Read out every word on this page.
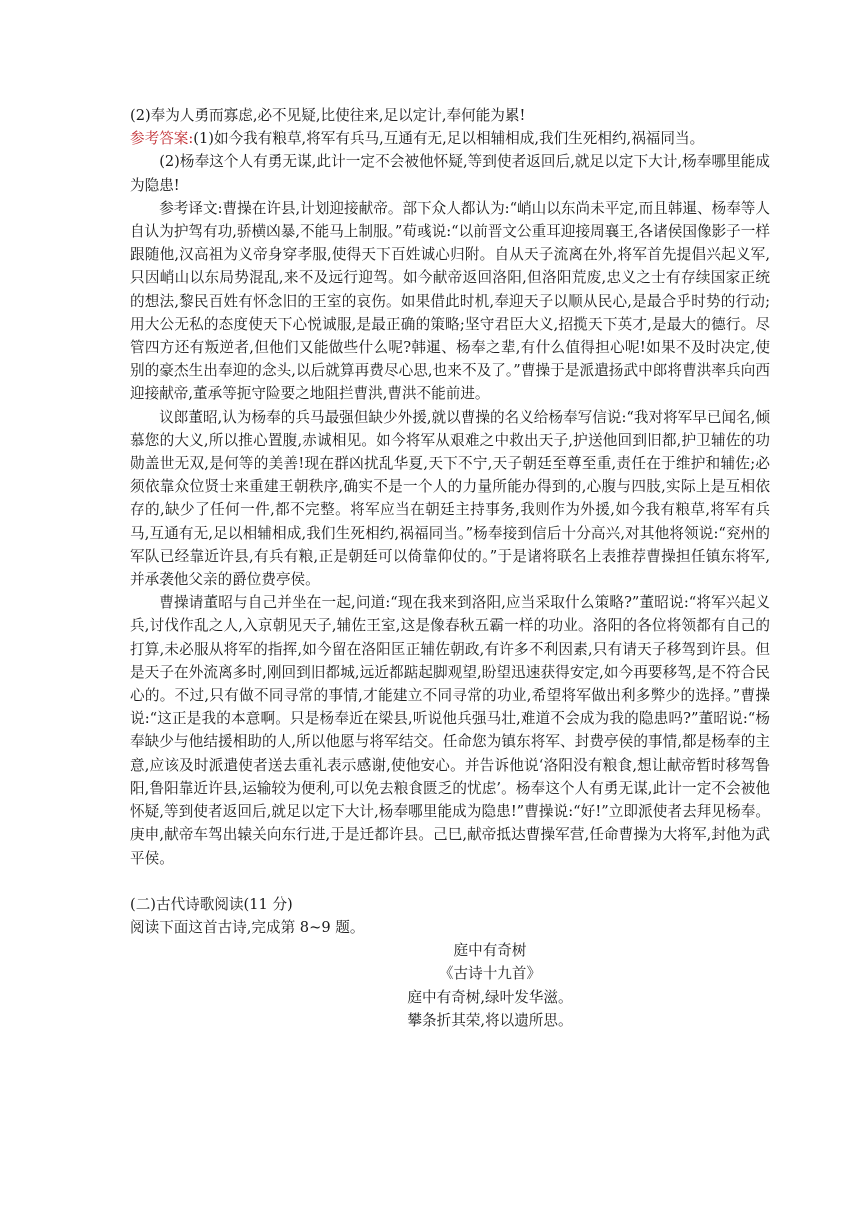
(2)奉为人勇而寡虑,必不见疑,比使往来,足以定计,奉何能为累!

参考答案:(1)如今我有粮草,将军有兵马,互通有无,足以相辅相成,我们生死相约,祸福同当。

(2)杨奉这个人有勇无谋,此计一定不会被他怀疑,等到使者返回后,就足以定下大计,杨奉哪里能成为隐患!

参考译文:曹操在许县,计划迎接献帝。部下众人都认为:“峭山以东尚未平定,而且韩暹、杨奉等人自认为护驾有功,骄横凶暴,不能马上制服。”荀彧说:“以前晋文公重耳迎接周襄王,各诸侯国像影子一样跟随他,汉高祖为义帝身穿孝服,使得天下百姓诚心归附。自从天子流离在外,将军首先提倡兴起义军,只因峭山以东局势混乱,来不及远行迎驾。如今献帝返回洛阳,但洛阳荒废,忠义之士有存续国家正统的想法,黎民百姓有怀念旧的王室的哀伤。如果借此时机,奉迎天子以顺从民心,是最合乎时势的行动;用大公无私的态度使天下心悦诚服,是最正确的策略;坚守君臣大义,招揽天下英才,是最大的德行。尽管四方还有叛逆者,但他们又能做些什么呢?韩暹、杨奉之辈,有什么值得担心呢!如果不及时决定,使别的豪杰生出奉迎的念头,以后就算再费尽心思,也来不及了。”曹操于是派遣扬武中郎将曹洪率兵向西迎接献帝,董承等扼守险要之地阻拦曹洪,曹洪不能前进。

议郎董昭,认为杨奉的兵马最强但缺少外援,就以曹操的名义给杨奉写信说:“我对将军早已闻名,倾慕您的大义,所以推心置腹,赤诚相见。如今将军从艰难之中救出天子,护送他回到旧都,护卫辅佐的功勋盖世无双,是何等的美善!现在群凶扰乱华夏,天下不宁,天子朝廷至尊至重,责任在于维护和辅佐;必须依靠众位贤士来重建王朝秩序,确实不是一个人的力量所能办得到的,心腹与四肢,实际上是互相依存的,缺少了任何一件,都不完整。将军应当在朝廷主持事务,我则作为外援,如今我有粮草,将军有兵马,互通有无,足以相辅相成,我们生死相约,祸福同当。”杨奉接到信后十分高兴,对其他将领说:“兖州的军队已经靠近许县,有兵有粮,正是朝廷可以倚靠仰仗的。”于是诸将联名上表推荐曹操担任镇东将军,并承袭他父亲的爵位费亭侯。

曹操请董昭与自己并坐在一起,问道:“现在我来到洛阳,应当采取什么策略?”董昭说:“将军兴起义兵,讨伐作乱之人,入京朝见天子,辅佐王室,这是像春秋五霸一样的功业。洛阳的各位将领都有自己的打算,未必服从将军的指挥,如今留在洛阳匡正辅佐朝政,有许多不利因素,只有请天子移驾到许县。但是天子在外流离多时,刚回到旧都城,远近都踮起脚观望,盼望迅速获得安定,如今再要移驾,是不符合民心的。不过,只有做不同寻常的事情,才能建立不同寻常的功业,希望将军做出利多弊少的选择。”曹操说:“这正是我的本意啊。只是杨奉近在梁县,听说他兵强马壮,难道不会成为我的隐患吗?”董昭说:“杨奉缺少与他结援相助的人,所以他愿与将军结交。任命您为镇东将军、封费亭侯的事情,都是杨奉的主意,应该及时派遣使者送去重礼表示感谢,使他安心。并告诉他说‘洛阳没有粮食,想让献帝暂时移驾鲁阳,鲁阳靠近许县,运输较为便利,可以免去粮食匮乏的忧虑’。杨奉这个人有勇无谋,此计一定不会被他怀疑,等到使者返回后,就足以定下大计,杨奉哪里能成为隐患!”曹操说:“好!”立即派使者去拜见杨奉。庚申,献帝车驾出辕关向东行进,于是迁都许县。己巳,献帝抵达曹操军营,任命曹操为大将军,封他为武平侯。

(二)古代诗歌阅读(11 分)

阅读下面这首古诗,完成第 8~9 题。

庭中有奇树
《古诗十九首》
庭中有奇树,绿叶发华滋。
攀条折其荣,将以遗所思。
